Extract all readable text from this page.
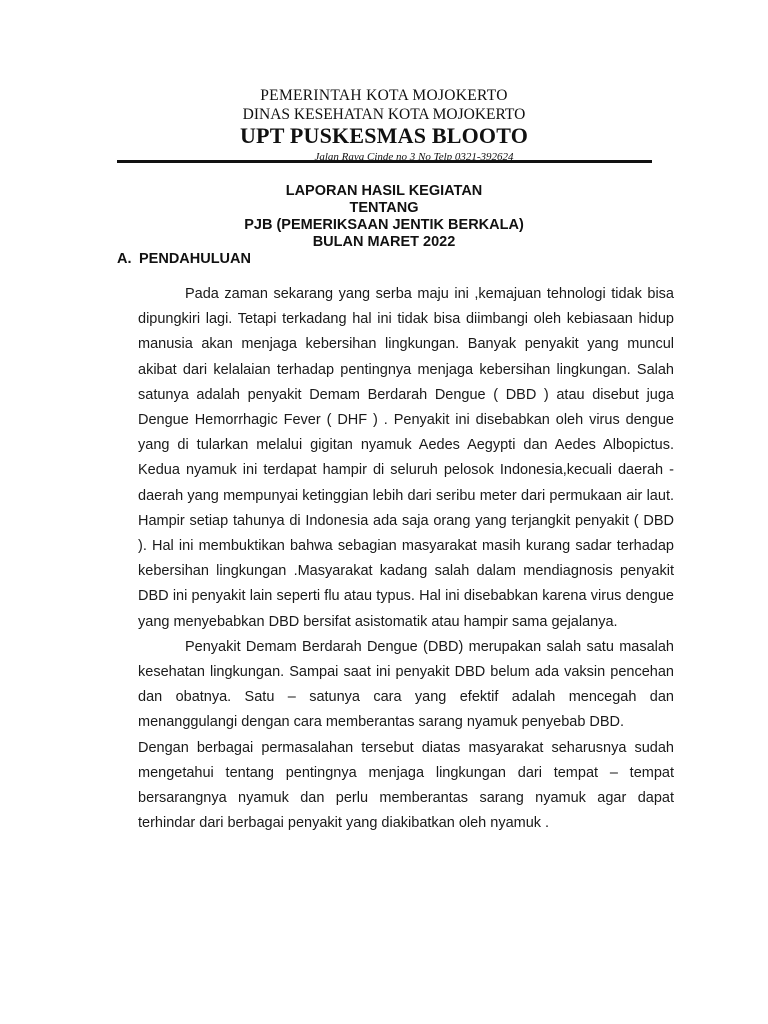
PEMERINTAH KOTA MOJOKERTO
DINAS KESEHATAN KOTA MOJOKERTO
UPT PUSKESMAS BLOOTO
Jalan Raya Cinde no 3 No Telp 0321-392624
LAPORAN HASIL KEGIATAN
TENTANG
PJB (PEMERIKSAAN JENTIK BERKALA)
BULAN MARET 2022
A. PENDAHULUAN

Pada zaman sekarang yang serba maju ini ,kemajuan tehnologi tidak bisa dipungkiri lagi. Tetapi terkadang hal ini tidak bisa diimbangi oleh kebiasaan hidup manusia akan menjaga kebersihan lingkungan. Banyak penyakit yang muncul akibat dari kelalaian terhadap pentingnya menjaga kebersihan lingkungan. Salah satunya adalah penyakit Demam Berdarah Dengue ( DBD ) atau disebut juga Dengue Hemorrhagic Fever ( DHF ) . Penyakit ini disebabkan oleh virus dengue yang di tularkan melalui gigitan nyamuk Aedes Aegypti dan Aedes Albopictus. Kedua nyamuk ini terdapat hampir di seluruh pelosok Indonesia,kecuali daerah - daerah yang mempunyai ketinggian lebih dari seribu meter dari permukaan air laut. Hampir setiap tahunya di Indonesia ada saja orang yang terjangkit penyakit ( DBD ). Hal ini membuktikan bahwa sebagian masyarakat masih kurang sadar terhadap kebersihan lingkungan .Masyarakat kadang salah dalam mendiagnosis penyakit DBD ini penyakit lain seperti flu atau typus. Hal ini disebabkan karena virus dengue yang menyebabkan DBD bersifat asistomatik atau hampir sama gejalanya.

Penyakit Demam Berdarah Dengue (DBD) merupakan salah satu masalah kesehatan lingkungan. Sampai saat ini penyakit DBD belum ada vaksin pencehan dan obatnya. Satu – satunya cara yang efektif adalah mencegah dan menanggulangi dengan cara memberantas sarang nyamuk penyebab DBD.

Dengan berbagai permasalahan tersebut diatas masyarakat seharusnya sudah mengetahui tentang pentingnya menjaga lingkungan dari tempat – tempat bersarangnya nyamuk dan perlu memberantas sarang nyamuk agar dapat terhindar dari berbagai penyakit yang diakibatkan oleh nyamuk .
